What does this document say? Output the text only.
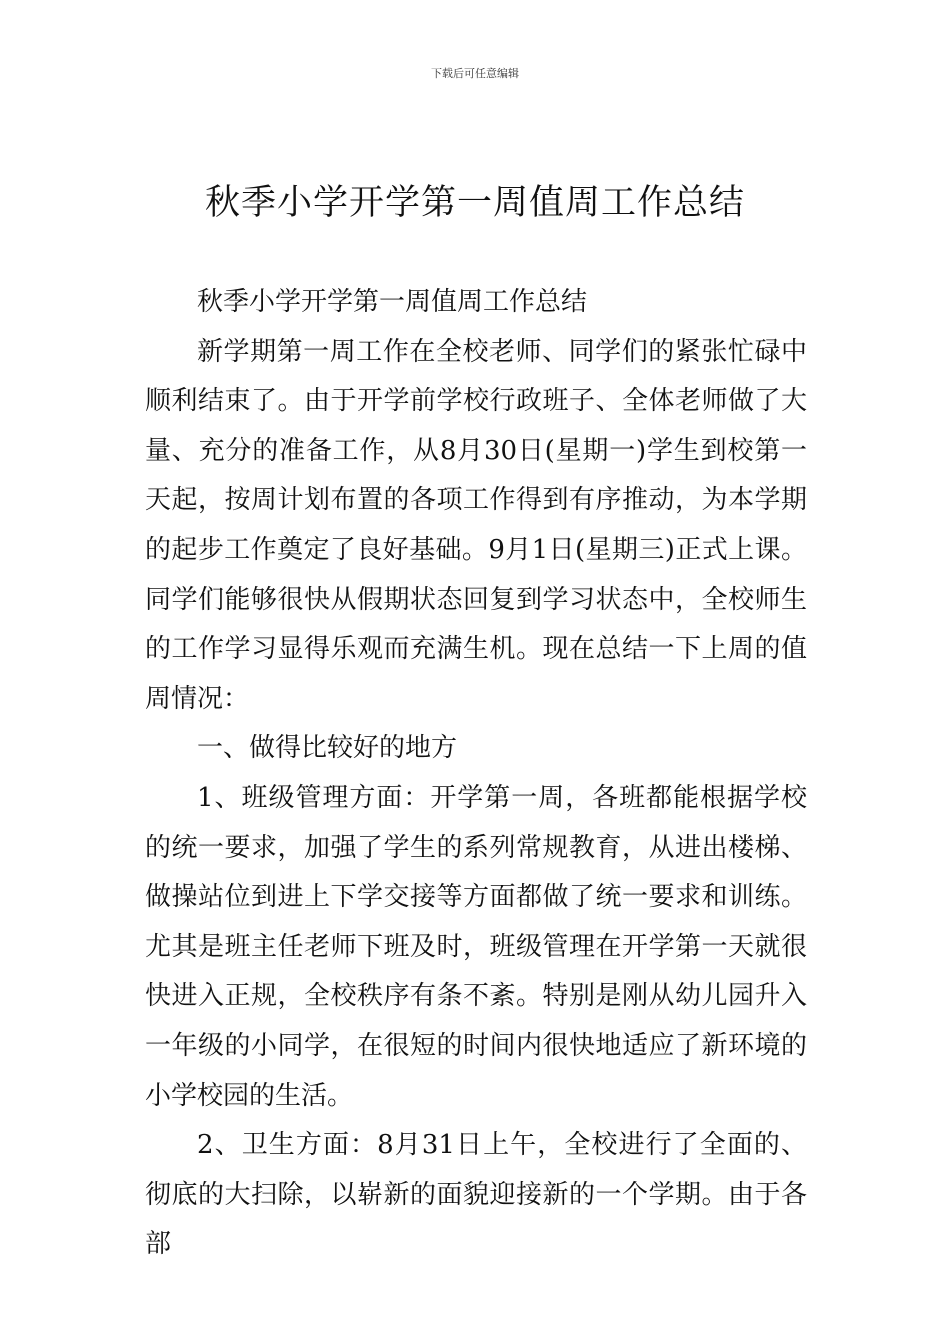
下载后可任意编辑
秋季小学开学第一周值周工作总结

秋季小学开学第一周值周工作总结

新学期第一周工作在全校老师、同学们的紧张忙碌中顺利结束了。由于开学前学校行政班子、全体老师做了大量、充分的准备工作，从8月30日(星期一)学生到校第一天起，按周计划布置的各项工作得到有序推动，为本学期的起步工作奠定了良好基础。9月1日(星期三)正式上课。同学们能够很快从假期状态回复到学习状态中，全校师生的工作学习显得乐观而充满生机。现在总结一下上周的值周情况：

一、做得比较好的地方

1、班级管理方面：开学第一周，各班都能根据学校的统一要求，加强了学生的系列常规教育，从进出楼梯、做操站位到进上下学交接等方面都做了统一要求和训练。尤其是班主任老师下班及时，班级管理在开学第一天就很快进入正规，全校秩序有条不紊。特别是刚从幼儿园升入一年级的小同学，在很短的时间内很快地适应了新环境的小学校园的生活。

2、卫生方面：8月31日上午，全校进行了全面的、彻底的大扫除，以崭新的面貌迎接新的一个学期。由于各部
